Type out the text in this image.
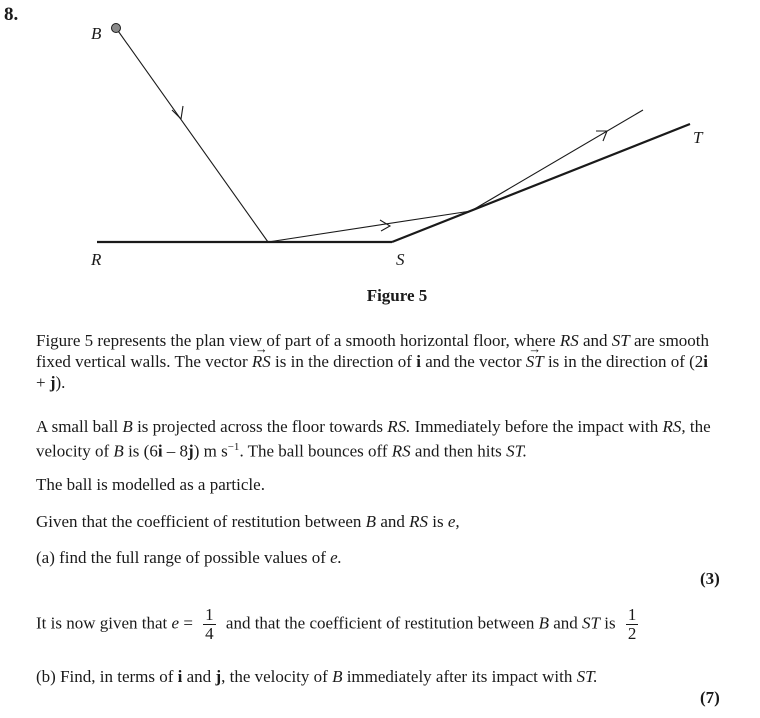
8.
B
R	S
T
Figure 5
Figure 5 represents the plan view of part of a smooth horizontal floor, where RS and ST are smooth fixed vertical walls. The vector → RS is in the direction of i and the vector → ST is in the direction of (2i + j).
A small ball B is projected across the floor towards RS. Immediately before the impact with RS, the velocity of B is (6i – 8j) m $s^{-1}$. The ball bounces off RS and then hits ST.
The ball is modelled as a particle.
Given that the coefficient of restitution between B and RS is e,
(a) find the full range of possible values of e.
(3)
It is now given that $e = \frac{1}{4}$ and that the coefficient of restitution between B and ST is $\frac{1}{2}$
(b) Find, in terms of i and j, the velocity of B immediately after its impact with ST.
(7)
